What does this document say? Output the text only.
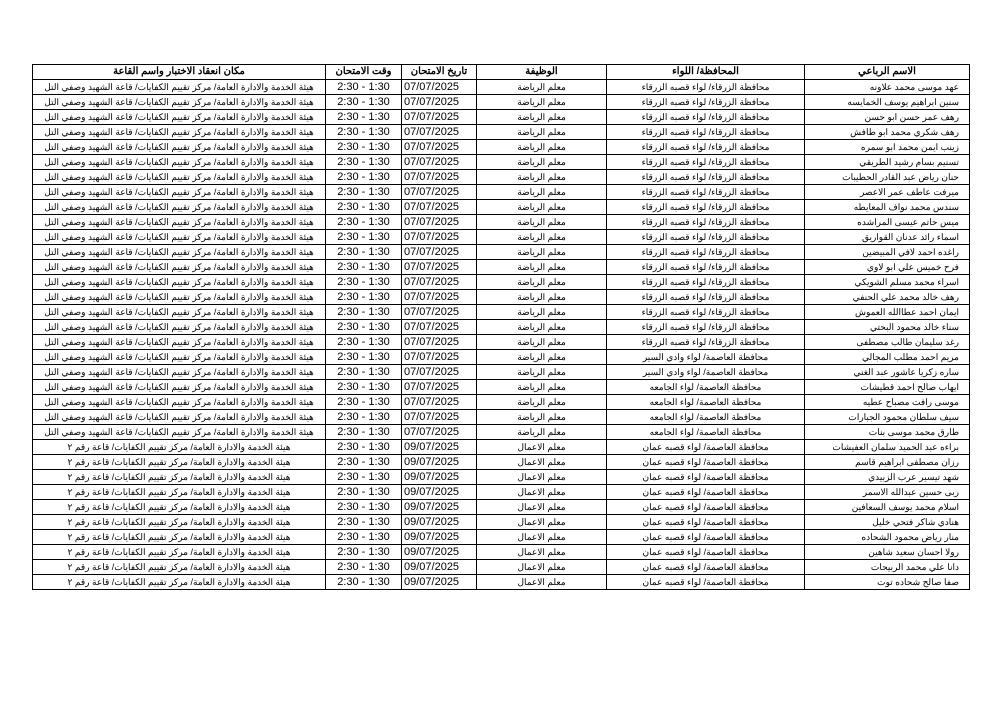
الاسم الرباعي	المحافظة/ اللواء	الوظيفة	تاريخ الامتحان	وقت الامتحان	مكان انعقاد الاختبار واسم القاعة
عهد موسى محمد علاونه	محافظة الزرقاء/ لواء قصبه الزرقاء	معلم الرياضة	07/07/2025	1:30 - 2:30	هيئة الخدمة والادارة العامة/ مركز تقييم الكفايات/ قاعة الشهيد وصفي التل
سنين ابراهيم يوسف الخمايسه	محافظة الزرقاء/ لواء قصبه الزرقاء	معلم الرياضة	07/07/2025	1:30 - 2:30	هيئة الخدمة والادارة العامة/ مركز تقييم الكفايات/ قاعة الشهيد وصفي التل
رهف عمر حسن ابو حسن	محافظة الزرقاء/ لواء قصبه الزرقاء	معلم الرياضة	07/07/2025	1:30 - 2:30	هيئة الخدمة والادارة العامة/ مركز تقييم الكفايات/ قاعة الشهيد وصفي التل
رهف شكري محمد ابو طافش	محافظة الزرقاء/ لواء قصبه الزرقاء	معلم الرياضة	07/07/2025	1:30 - 2:30	هيئة الخدمة والادارة العامة/ مركز تقييم الكفايات/ قاعة الشهيد وصفي التل
زينب ايمن محمد ابو سمره	محافظة الزرقاء/ لواء قصبه الزرقاء	معلم الرياضة	07/07/2025	1:30 - 2:30	هيئة الخدمة والادارة العامة/ مركز تقييم الكفايات/ قاعة الشهيد وصفي التل
تسنيم بسام رشيد الطريقي	محافظة الزرقاء/ لواء قصبه الزرقاء	معلم الرياضة	07/07/2025	1:30 - 2:30	هيئة الخدمة والادارة العامة/ مركز تقييم الكفايات/ قاعة الشهيد وصفي التل
حنان رياض عبد القادر الحطيبات	محافظة الزرقاء/ لواء قصبه الزرقاء	معلم الرياضة	07/07/2025	1:30 - 2:30	هيئة الخدمة والادارة العامة/ مركز تقييم الكفايات/ قاعة الشهيد وصفي التل
ميرفت عاطف عمر الاعصر	محافظة الزرقاء/ لواء قصبه الزرقاء	معلم الرياضة	07/07/2025	1:30 - 2:30	هيئة الخدمة والادارة العامة/ مركز تقييم الكفايات/ قاعة الشهيد وصفي التل
سندس محمد نواف المعايطه	محافظة الزرقاء/ لواء قصبه الزرقاء	معلم الرياضة	07/07/2025	1:30 - 2:30	هيئة الخدمة والادارة العامة/ مركز تقييم الكفايات/ قاعة الشهيد وصفي التل
ميس حاتم عيسى المراشده	محافظة الزرقاء/ لواء قصبه الزرقاء	معلم الرياضة	07/07/2025	1:30 - 2:30	هيئة الخدمة والادارة العامة/ مركز تقييم الكفايات/ قاعة الشهيد وصفي التل
اسماء رائد عدنان القواريق	محافظة الزرقاء/ لواء قصبه الزرقاء	معلم الرياضة	07/07/2025	1:30 - 2:30	هيئة الخدمة والادارة العامة/ مركز تقييم الكفايات/ قاعة الشهيد وصفي التل
راغده احمد لافي المبيضين	محافظة الزرقاء/ لواء قصبه الزرقاء	معلم الرياضة	07/07/2025	1:30 - 2:30	هيئة الخدمة والادارة العامة/ مركز تقييم الكفايات/ قاعة الشهيد وصفي التل
فرح خميس علي ابو لاوي	محافظة الزرقاء/ لواء قصبه الزرقاء	معلم الرياضة	07/07/2025	1:30 - 2:30	هيئة الخدمة والادارة العامة/ مركز تقييم الكفايات/ قاعة الشهيد وصفي التل
اسراء محمد مسلم الشويكي	محافظة الزرقاء/ لواء قصبه الزرقاء	معلم الرياضة	07/07/2025	1:30 - 2:30	هيئة الخدمة والادارة العامة/ مركز تقييم الكفايات/ قاعة الشهيد وصفي التل
رهف خالد محمد علي الحنفي	محافظة الزرقاء/ لواء قصبه الزرقاء	معلم الرياضة	07/07/2025	1:30 - 2:30	هيئة الخدمة والادارة العامة/ مركز تقييم الكفايات/ قاعة الشهيد وصفي التل
ايمان احمد عطاالله العموش	محافظة الزرقاء/ لواء قصبه الزرقاء	معلم الرياضة	07/07/2025	1:30 - 2:30	هيئة الخدمة والادارة العامة/ مركز تقييم الكفايات/ قاعة الشهيد وصفي التل
سناء خالد محمود البحتي	محافظة الزرقاء/ لواء قصبه الزرقاء	معلم الرياضة	07/07/2025	1:30 - 2:30	هيئة الخدمة والادارة العامة/ مركز تقييم الكفايات/ قاعة الشهيد وصفي التل
رغد سليمان طالب مصطفى	محافظة الزرقاء/ لواء قصبه الزرقاء	معلم الرياضة	07/07/2025	1:30 - 2:30	هيئة الخدمة والادارة العامة/ مركز تقييم الكفايات/ قاعة الشهيد وصفي التل
مريم احمد مطلب المجالي	محافظة العاصمة/ لواء وادي السير	معلم الرياضة	07/07/2025	1:30 - 2:30	هيئة الخدمة والادارة العامة/ مركز تقييم الكفايات/ قاعة الشهيد وصفي التل
ساره زكريا عاشور عبد الغني	محافظة العاصمة/ لواء وادي السير	معلم الرياضة	07/07/2025	1:30 - 2:30	هيئة الخدمة والادارة العامة/ مركز تقييم الكفايات/ قاعة الشهيد وصفي التل
ايهاب صالح احمد قطيشات	محافظة العاصمة/ لواء الجامعه	معلم الرياضة	07/07/2025	1:30 - 2:30	هيئة الخدمة والادارة العامة/ مركز تقييم الكفايات/ قاعة الشهيد وصفي التل
موسى رافت مصباح عطيه	محافظة العاصمة/ لواء الجامعه	معلم الرياضة	07/07/2025	1:30 - 2:30	هيئة الخدمة والادارة العامة/ مركز تقييم الكفايات/ قاعة الشهيد وصفي التل
سيف سلطان محمود الجبارات	محافظة العاصمة/ لواء الجامعه	معلم الرياضة	07/07/2025	1:30 - 2:30	هيئة الخدمة والادارة العامة/ مركز تقييم الكفايات/ قاعة الشهيد وصفي التل
طارق محمد موسى بنات	محافظة العاصمة/ لواء الجامعه	معلم الرياضة	07/07/2025	1:30 - 2:30	هيئة الخدمة والادارة العامة/ مركز تقييم الكفايات/ قاعة الشهيد وصفي التل
براءه عبد الحميد سلمان العفيشات	محافظة العاصمة/ لواء قصبه عمان	معلم الاعمال	09/07/2025	1:30 - 2:30	هيئة الخدمة والادارة العامة/ مركز تقييم الكفايات/ قاعة رقم ٢
رزان مصطفى ابراهيم قاسم	محافظة العاصمة/ لواء قصبه عمان	معلم الاعمال	09/07/2025	1:30 - 2:30	هيئة الخدمة والادارة العامة/ مركز تقييم الكفايات/ قاعة رقم ٢
شهد تيسير عرب الزبيدي	محافظة العاصمة/ لواء قصبه عمان	معلم الاعمال	09/07/2025	1:30 - 2:30	هيئة الخدمة والادارة العامة/ مركز تقييم الكفايات/ قاعة رقم ٢
ربى حسين عبدالله الاسمر	محافظة العاصمة/ لواء قصبه عمان	معلم الاعمال	09/07/2025	1:30 - 2:30	هيئة الخدمة والادارة العامة/ مركز تقييم الكفايات/ قاعة رقم ٢
اسلام محمد يوسف السعافين	محافظة العاصمة/ لواء قصبه عمان	معلم الاعمال	09/07/2025	1:30 - 2:30	هيئة الخدمة والادارة العامة/ مركز تقييم الكفايات/ قاعة رقم ٢
هنادي شاكر فتحي خليل	محافظة العاصمة/ لواء قصبه عمان	معلم الاعمال	09/07/2025	1:30 - 2:30	هيئة الخدمة والادارة العامة/ مركز تقييم الكفايات/ قاعة رقم ٢
منار رياض محمود الشحاده	محافظة العاصمة/ لواء قصبه عمان	معلم الاعمال	09/07/2025	1:30 - 2:30	هيئة الخدمة والادارة العامة/ مركز تقييم الكفايات/ قاعة رقم ٢
رولا احسان سعيد شاهين	محافظة العاصمة/ لواء قصبه عمان	معلم الاعمال	09/07/2025	1:30 - 2:30	هيئة الخدمة والادارة العامة/ مركز تقييم الكفايات/ قاعة رقم ٢
دانا علي محمد الربيحات	محافظة العاصمة/ لواء قصبه عمان	معلم الاعمال	09/07/2025	1:30 - 2:30	هيئة الخدمة والادارة العامة/ مركز تقييم الكفايات/ قاعة رقم ٢
صفا صالح شحاده توت	محافظة العاصمة/ لواء قصبه عمان	معلم الاعمال	09/07/2025	1:30 - 2:30	هيئة الخدمة والادارة العامة/ مركز تقييم الكفايات/ قاعة رقم ٢
